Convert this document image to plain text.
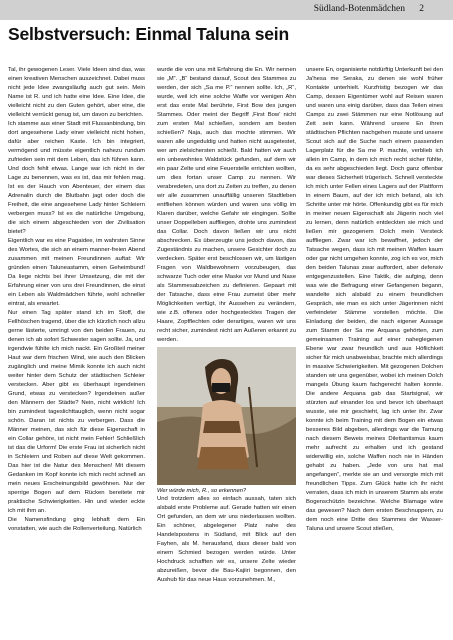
Südland-Botenmädchen 2
Selbstversuch: Einmal Taluna sein

Tal, ihr gewogenen Leser. Viele Ideen sind das, was einen kreativen Menschen auszeichnet. Dabei muss nicht jede Idee zwangsläufig auch gut sein. Mein Name ist R. und ich hatte eine Idee. Eine Idee, die vielleicht nicht zu den Guten gehört, aber eine, die vielleicht verrückt genug ist, um davon zu berichten.

Ich stamme aus einer Stadt mit Flussanbindung, bin dort angesehene Lady einer vielleicht nicht hohen, dafür aber reichen Kaste. Ich bin integriert, vermögend und müsste eigentlich nahezu rundum zufrieden sein mit dem Leben, das ich führen kann. Und doch fehlt etwas. Lange war ich nicht in der Lage zu benennen, was es ist, das mir fehlen mag. Ist es der Hauch von Abenteuer, der einem das Adrenalin durch die Blutbahn jagt oder doch die Freiheit, die eine angesehene Lady hinter Schleiern verbergen muss? Ist es die natürliche Umgebung, die sich einem abgeschieden von der Zivilisation bietet?

Eigentlich war es eine Pagaidee, im wahrsten Sinne des Wortes, die sich an einem manner-freien Abend zusammen mit meinen Freundinnen auftat: Wir gründen einen Taluneastamm, einen Geheimbund! Da liege nichts bei ihrer Umsetzung, die mit der Erfahrung einer von uns drei Freundinnen, die einst ein Leben als Waldmädchen führte, wohl schneller eintrat, als erwartet.

Nur einen Tag später stand ich im Stoff, die Fellhöschen tragend, über die ich kürzlich noch allzu gerne lästerte, umringt von den beiden Frauen, zu denen ich ab sofort Schwester sagen sollte. Ja, und irgendwie fühlte ich mich nackt. Ein Großteil meiner Haut war dem frischen Wind, wie auch den Blicken zugänglich und meine Mimik konnte ich auch nicht weiter hinter dem Schutz der städtischen Schleier verstecken. Aber gibt es überhaupt irgendeinen Grund, etwas zu verstecken? Irgendeinen außer den Männern der Städte? Nein, nicht wirklich! Ich bin zumindest tageslichttauglich, wenn nicht sogar schön. Daran ist nichts zu verbergen. Dass die Männer meinen, das sich für diese Eigenschaft in ein Collar gehöre, ist nicht mein Fehler! Schließlich ist das die Urform! Die erste Frau ist sicherlich nicht in Schleiern und Roben auf diese Welt gekommen. Das hier ist die Natur des Menschen! Mit diesem Gedanken im Kopf konnte ich mich recht schnell an mein neues Erscheinungsbild gewöhnen. Nur der sperrige Bogen auf dem Rücken bereitete mir praktische Schwierigkeiten. Hin und wieder eckte ich mit ihm an.

Die Namensfindung ging lebhaft dem Ein vonstatten, wie auch die Rollenverteilung. Natürlich

wurde die von uns mit Erfahrung die En. Wir nennen sie „M“. „B“ bestand darauf, Scout des Stammes zu werden, der sich „Sa me P.“ nennen sollte. Ich, „R“, wurde, weil ich eine solche Waffe vor wenigen Ahn erst das erste Mal berührte, First Bow des jungen Stammes. Oder meint der Begriff ‚First Bow‘ nicht zum ersten Mal schießen, sondern am besten schießen? Naja, auch das mochte stimmen. Wir waren alle ungeduldig und hatten nicht ausgetestet, wer am zielsichersten schießt. Bald hatten wir auch ein unbewohntes Waldstück gefunden, auf dem wir ein paar Zelte und eine Feuerstelle errichten wollten, um dies fortan unser Camp zu nennen. Wir verabredeten, uns dort zu Zeiten zu treffen, zu denen wir alle zusammen unauffällig unseren Stadtleben entfliehen können würden und waren uns völlig im Klaren darüber, welche Gefahr wir eingingen. Sollte unser Doppelleben auffliegen, drohte uns zumindest das Collar. Doch davon ließen wir uns nicht abschrecken. Es überzeugte uns jedoch davon, das Zugeständnis zu machen, unsere Gesichter doch zu verdecken. Später erst beschlossen wir, um lästigen Fragen von Waldbewohnern vorzubeugen, das schwarze Tuch oder eine Maske vor Mund und Nase als Stammesabzeichen zu definieren. Gepaart mit der Tatsache, dass eine Frau zumeist über mehr Möglichkeiten verfügt, ihr Aussehen zu verändern, wie z.B. offenes oder hochgestecktes Tragen der Haare, Zopfflechten oder derartiges, waren wir uns recht sicher, zumindest nicht am Außeren erkannt zu werden.

Wer würde mich, R., so erkennen?

Und trotzdem alles so einfach aussah, taten sich alsbald erste Probleme auf. Gerade hatten wir einen Ort gefunden, an dem wir uns niederlassen wollten. Ein schöner, abgelegener Platz nahe des Handelspostens in Südland, mit Blick auf den Fayhen, als M. herausfand, dass dieser bald von einem Schmied bezogen werden würde. Unter Hochdruck schafften wir es, unsere Zelte wieder abzureißen, bevor die Bau-Kajiiri begonnen, den Aushub für das neue Haus vorzunehmen. M.,

unsere En, organisierte notdürftig Unterkunft bei den Ja'hesa me Seraka, zu denen sie wohl früher Kontakte unterhielt. Kurzfristig bezogen wir das Camp, dessen Eigentümer wohl auf Reisen waren und waren uns einig darüber, dass das Teilen eines Camps zu zwei Stämmen nur eine Notlösung auf Zeit sein kann. Während unsere En ihren städtischen Pflichten nachgehen musste und unsere Scout sich auf die Suche nach einem passenden Lagerplatz für die Sa me P. machte, verblieb ich allein im Camp, in dem ich mich recht sicher fühlte, da es sehr abgeschieden liegt. Doch ganz offenbar war dieses Sicherheit trügerisch. Schnell versteckte ich mich unter Fellen eines Lagers auf der Plattform in einem Baum, auf der ich mich befand, als ich Schritte unter mir hörte. Offenkundig gibt es für mich in meiner neuen Eigenschaft als Jägerin noch viel zu lernen, denn natürlich entdeckten sie mich und ließen mir gezogenem Dolch mein Versteck auffliegen. Zwar war ich bewaffnet, jedoch der Tatsache wegen, dass ich mit meinen Waffen kaum oder gar nicht umgehen konnte, zog ich es vor, mich den beiden Talunas zwar auffordert, aber defensiv entgegenzustellen. Eine Taktik, die aufging, denn was wie die Befragung einer Gefangenen begann, wandelte sich alsbald zu einem freundlichen Gespräch, wie man es sich unter Jägerinnen nicht verfeindeter Stämme vorstellen möchte. Die Einladung der beiden, die nach eigener Aussage zum Stamm der Sa me Arquana gehörten, zum gemeinsamen Training auf einer naheglegenen Ebene war zwar freundlich und aus Höflichkeit sicher für mich unabweisbar, brachte mich allerdings in massive Schwierigkeiten. Mit gezogenen Dolchen standen wir uns gegenüber, wobei ich meinen Dolch mangels Übung kaum fachgerecht halten konnte. Die andere Arquana gab das Startsignal, wir stürzten auf einander los und bevor ich überhaupt wusste, wie mir geschieht, lag ich unter ihr. Zwar konnte ich beim Training mit dem Bogen ein etwas besseres Bild abgeben, allerdings war die Tarnung nach diesem Beweis meines Dilettantismus kaum mehr aufrecht zu erhalten und ich gestand widerwillig ein, solche Waffen noch nie in Händen gehabt zu haben. „Jede von uns hat mal angefangen“, merkte sie an und versorgte mich mit freundlichen Tipps. Zum Glück hatte ich ihr nicht verraten, dass ich mich in unserem Stamm als erste Bogenschützin bezeichne. Welche Blamage wäre das gewesen? Nach dem ersten Beschnuppern, zu dem noch eine Dritte des Stammes der Wasser-Taluna und unsere Scout stießen,
